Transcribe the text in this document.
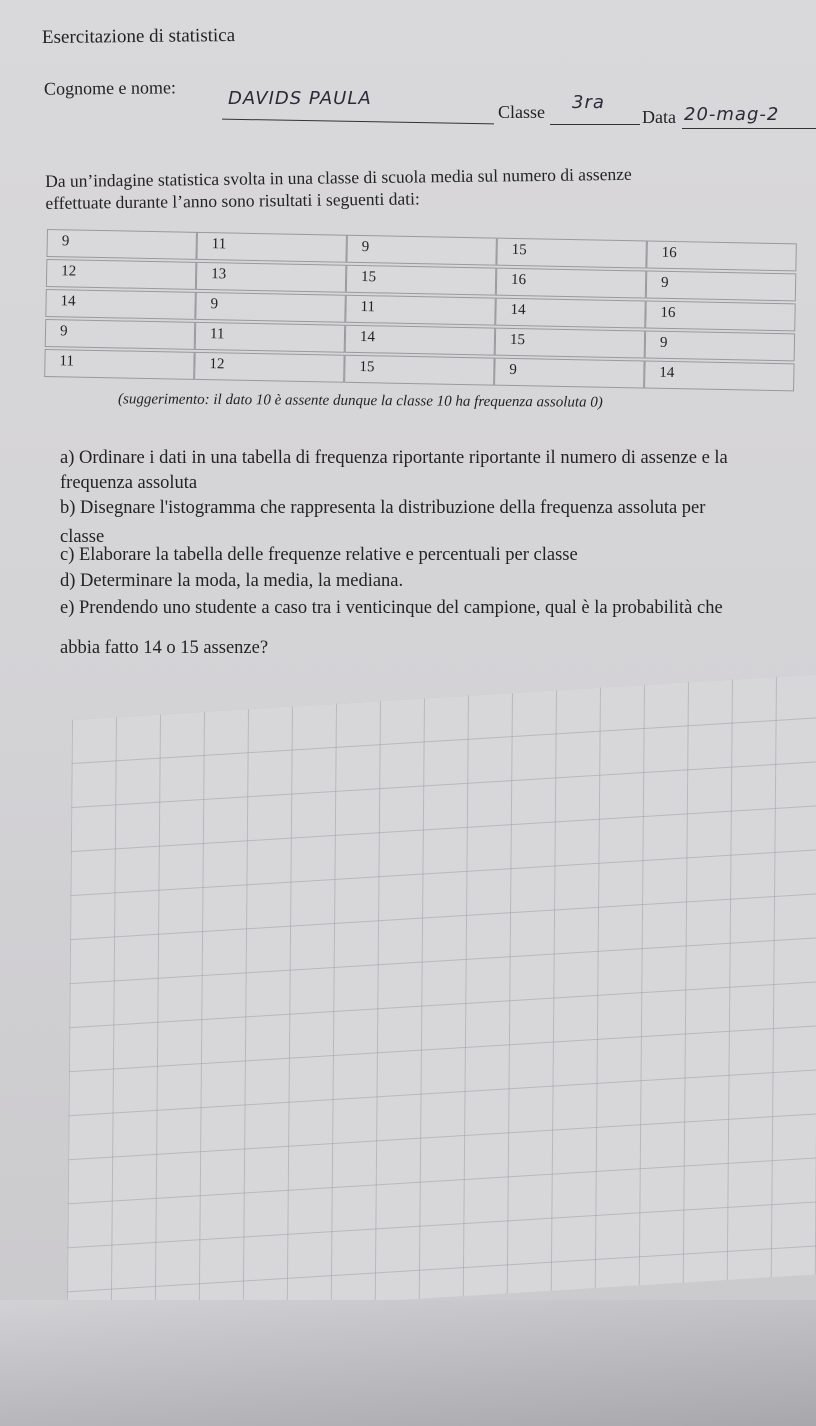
Esercitazione di statistica
Cognome e nome:	DAVIDS PAULA
Classe 3ra
Data 20-mag-2
Da un’indagine statistica svolta in una classe di scuola media sul numero di assenze
effettuate durante l’anno sono risultati i seguenti dati:
9
12
14
9
11
11
13
9
11
12
9
15
11
14
15
15
16
14
15
9
16
9
16
9
14
(suggerimento: il dato 10 è assente dunque la classe 10 ha frequenza assoluta 0)
a) Ordinare i dati in una tabella di frequenza riportante riportante il numero di assenze e la
frequenza assoluta
b) Disegnare l'istogramma che rappresenta la distribuzione della frequenza assoluta per
classe
c) Elaborare la tabella delle frequenze relative e percentuali per classe
d) Determinare la moda, la media, la mediana.
e) Prendendo uno studente a caso tra i venticinque del campione, qual è la probabilità che
abbia fatto 14 o 15 assenze?
